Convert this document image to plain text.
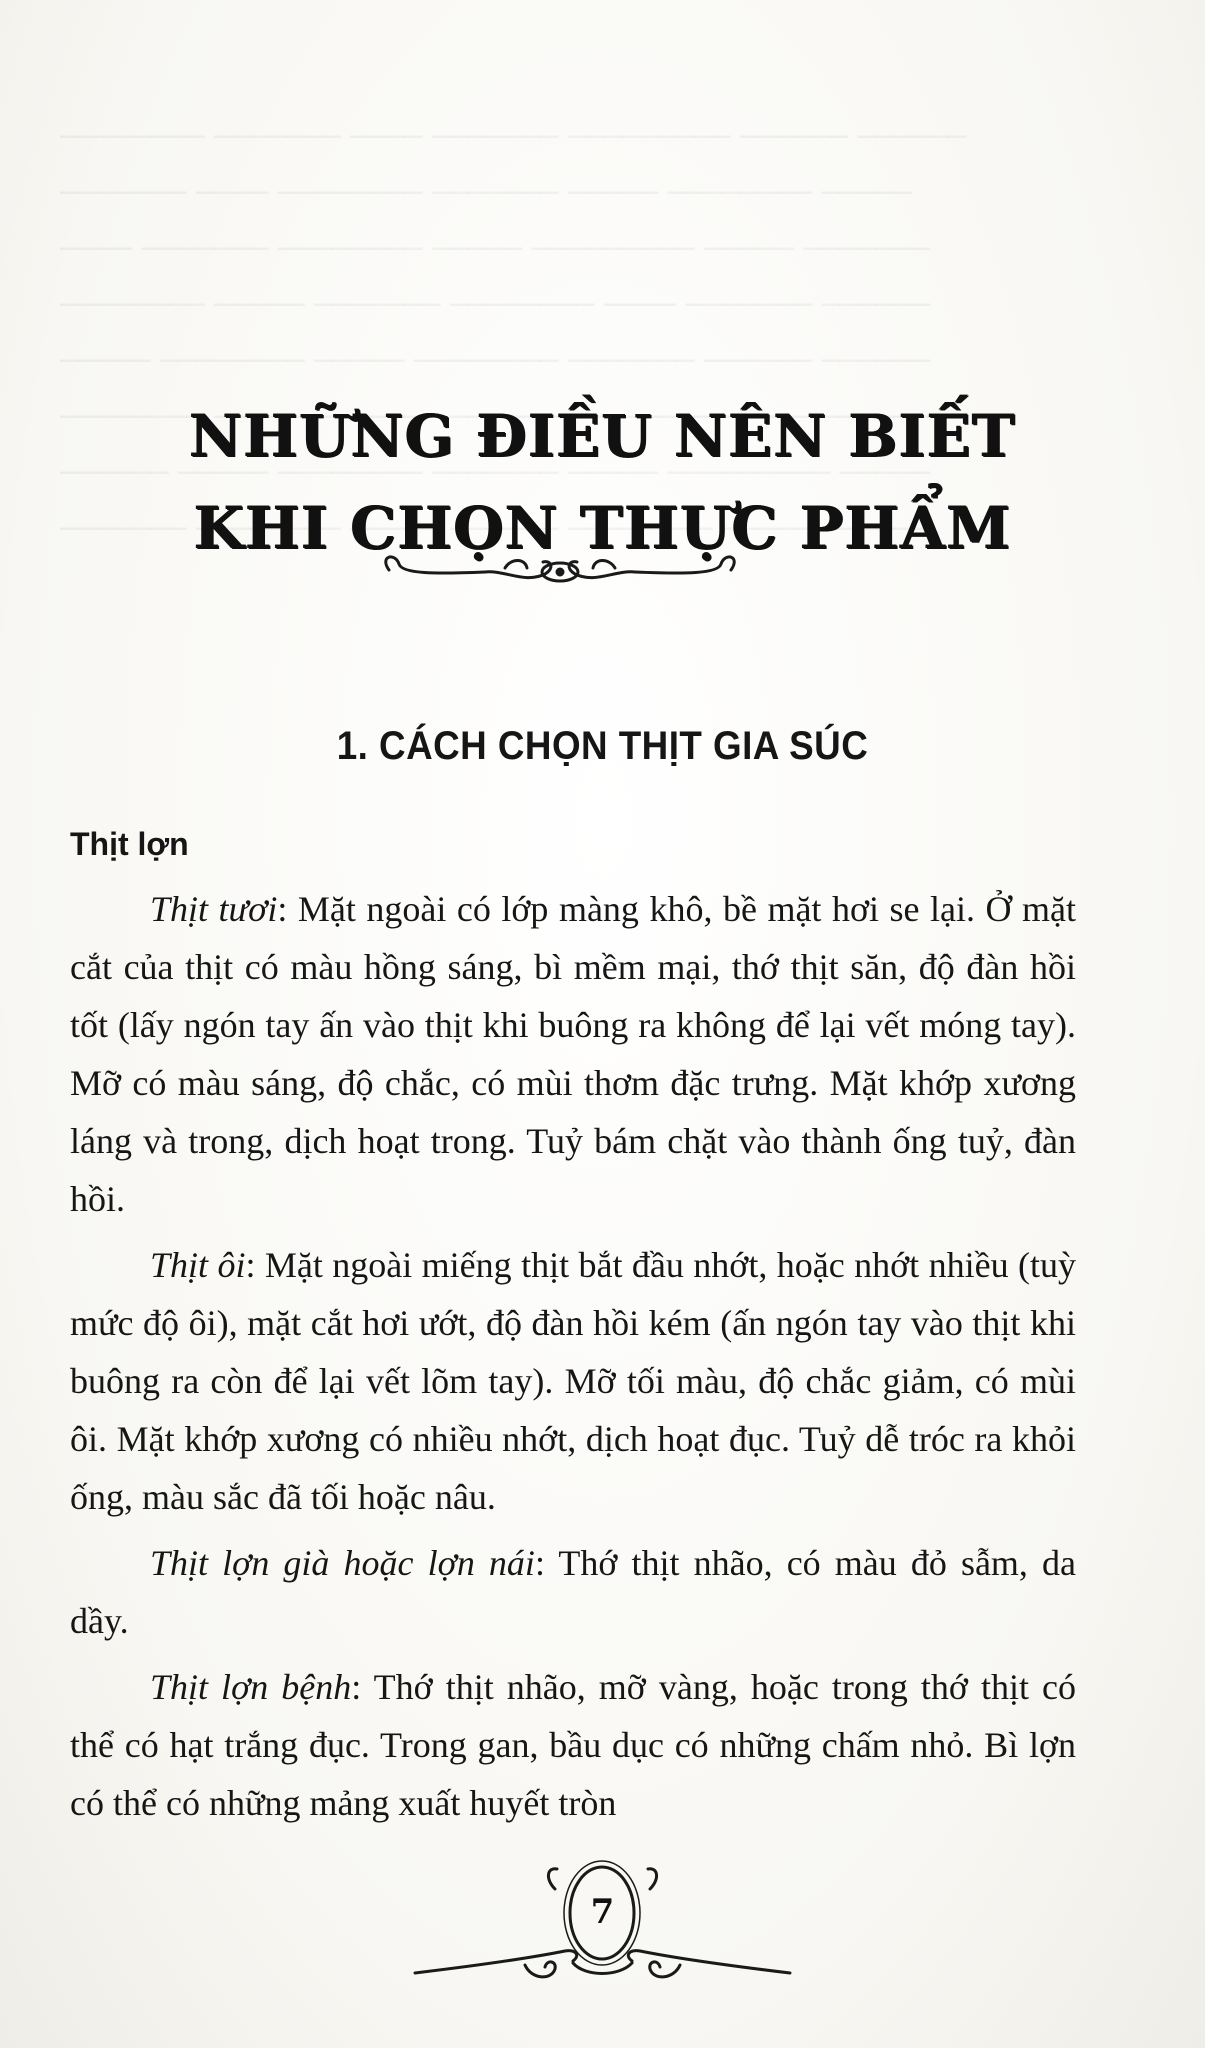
NHỮNG ĐIỀU NÊN BIẾT
KHI CHỌN THỰC PHẨM
1. CÁCH CHỌN THỊT GIA SÚC
Thịt lợn

Thịt tươi: Mặt ngoài có lớp màng khô, bề mặt hơi se lại. Ở mặt cắt của thịt có màu hồng sáng, bì mềm mại, thớ thịt săn, độ đàn hồi tốt (lấy ngón tay ấn vào thịt khi buông ra không để lại vết móng tay). Mỡ có màu sáng, độ chắc, có mùi thơm đặc trưng. Mặt khớp xương láng và trong, dịch hoạt trong. Tuỷ bám chặt vào thành ống tuỷ, đàn hồi.

Thịt ôi: Mặt ngoài miếng thịt bắt đầu nhớt, hoặc nhớt nhiều (tuỳ mức độ ôi), mặt cắt hơi ướt, độ đàn hồi kém (ấn ngón tay vào thịt khi buông ra còn để lại vết lõm tay). Mỡ tối màu, độ chắc giảm, có mùi ôi. Mặt khớp xương có nhiều nhớt, dịch hoạt đục. Tuỷ dễ tróc ra khỏi ống, màu sắc đã tối hoặc nâu.

Thịt lợn già hoặc lợn nái: Thớ thịt nhão, có màu đỏ sẫm, da dầy.

Thịt lợn bệnh: Thớ thịt nhão, mỡ vàng, hoặc trong thớ thịt có thể có hạt trắng đục. Trong gan, bầu dục có những chấm nhỏ. Bì lợn có thể có những mảng xuất huyết tròn

7
